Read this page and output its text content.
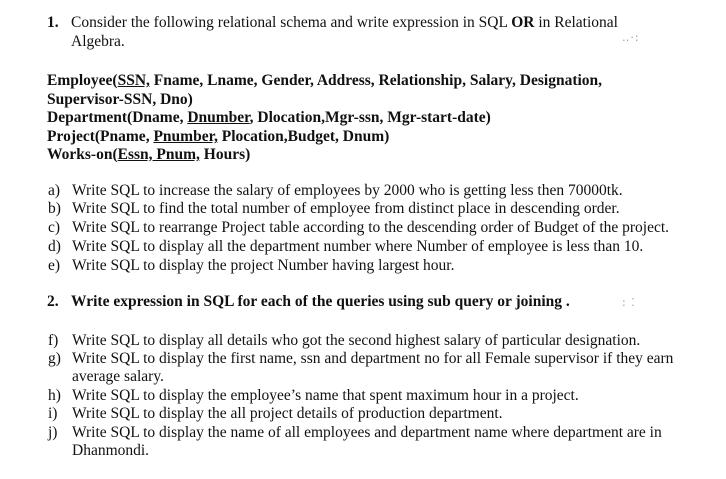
1. Consider the following relational schema and write expression in SQL OR in Relational
Algebra.	‥·:
Employee(SSN, Fname, Lname, Gender, Address, Relationship, Salary, Designation,
Supervisor-SSN, Dno)
Department(Dname, Dnumber, Dlocation,Mgr-ssn, Mgr-start-date)
Project(Pname, Pnumber, Plocation,Budget, Dnum)
Works-on(Essn, Pnum, Hours)
a) Write SQL to increase the salary of employees by 2000 who is getting less then 70000tk.
b) Write SQL to find the total number of employee from distinct place in descending order.
c) Write SQL to rearrange Project table according to the descending order of Budget of the project.
d) Write SQL to display all the department number where Number of employee is less than 10.
e) Write SQL to display the project Number having largest hour.
2. Write expression in SQL for each of the queries using sub query or joining .	: ⁚
f) Write SQL to display all details who got the second highest salary of particular designation.
g) Write SQL to display the first name, ssn and department no for all Female supervisor if they earn
average salary.
h) Write SQL to display the employee’s name that spent maximum hour in a project.
i) Write SQL to display the all project details of production department.
j) Write SQL to display the name of all employees and department name where department are in
Dhanmondi.
